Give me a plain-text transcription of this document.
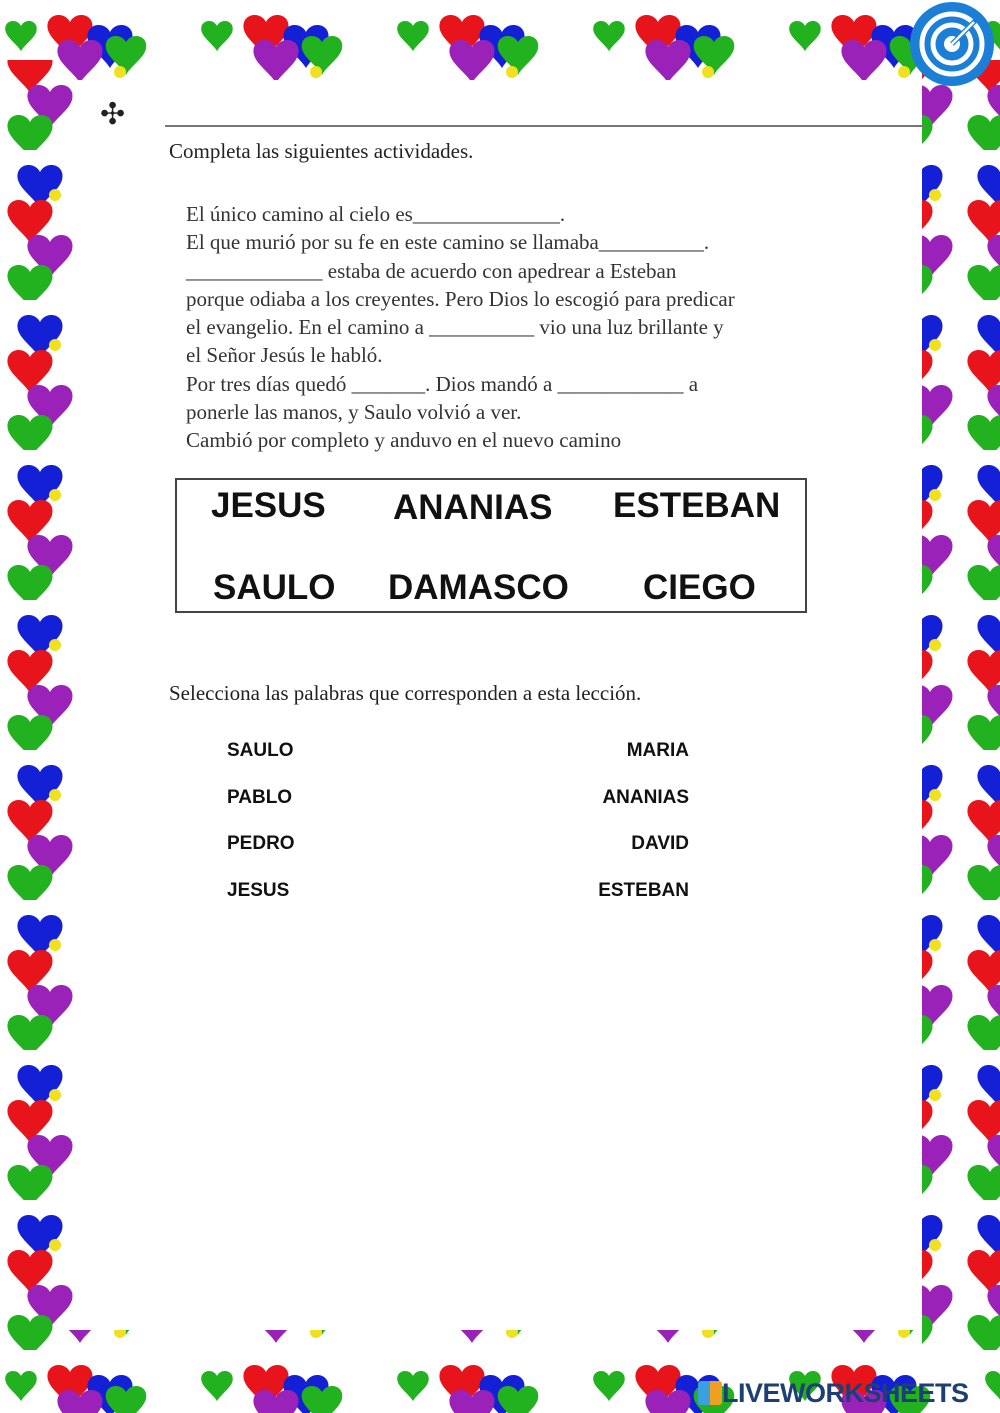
✣
Completa las siguientes actividades.
El único camino al cielo es______________.
El que murió por su fe en este camino se llamaba__________.
_____________ estaba de acuerdo con apedrear a Esteban
porque odiaba a los creyentes. Pero Dios lo escogió para predicar
el evangelio. En el camino a __________ vio una luz brillante y
el Señor Jesús le habló.
Por tres días quedó _______. Dios mandó a ____________ a
ponerle las manos, y Saulo volvió a ver.
Cambió por completo y anduvo en el nuevo camino
JESUS ANANIAS ESTEBAN
SAULO DAMASCO CIEGO
Selecciona las palabras que corresponden a esta lección.
SAULO
PABLO
PEDRO
JESUS
MARIA
ANANIAS
DAVID
ESTEBAN
LIVEWORKSHEETS
